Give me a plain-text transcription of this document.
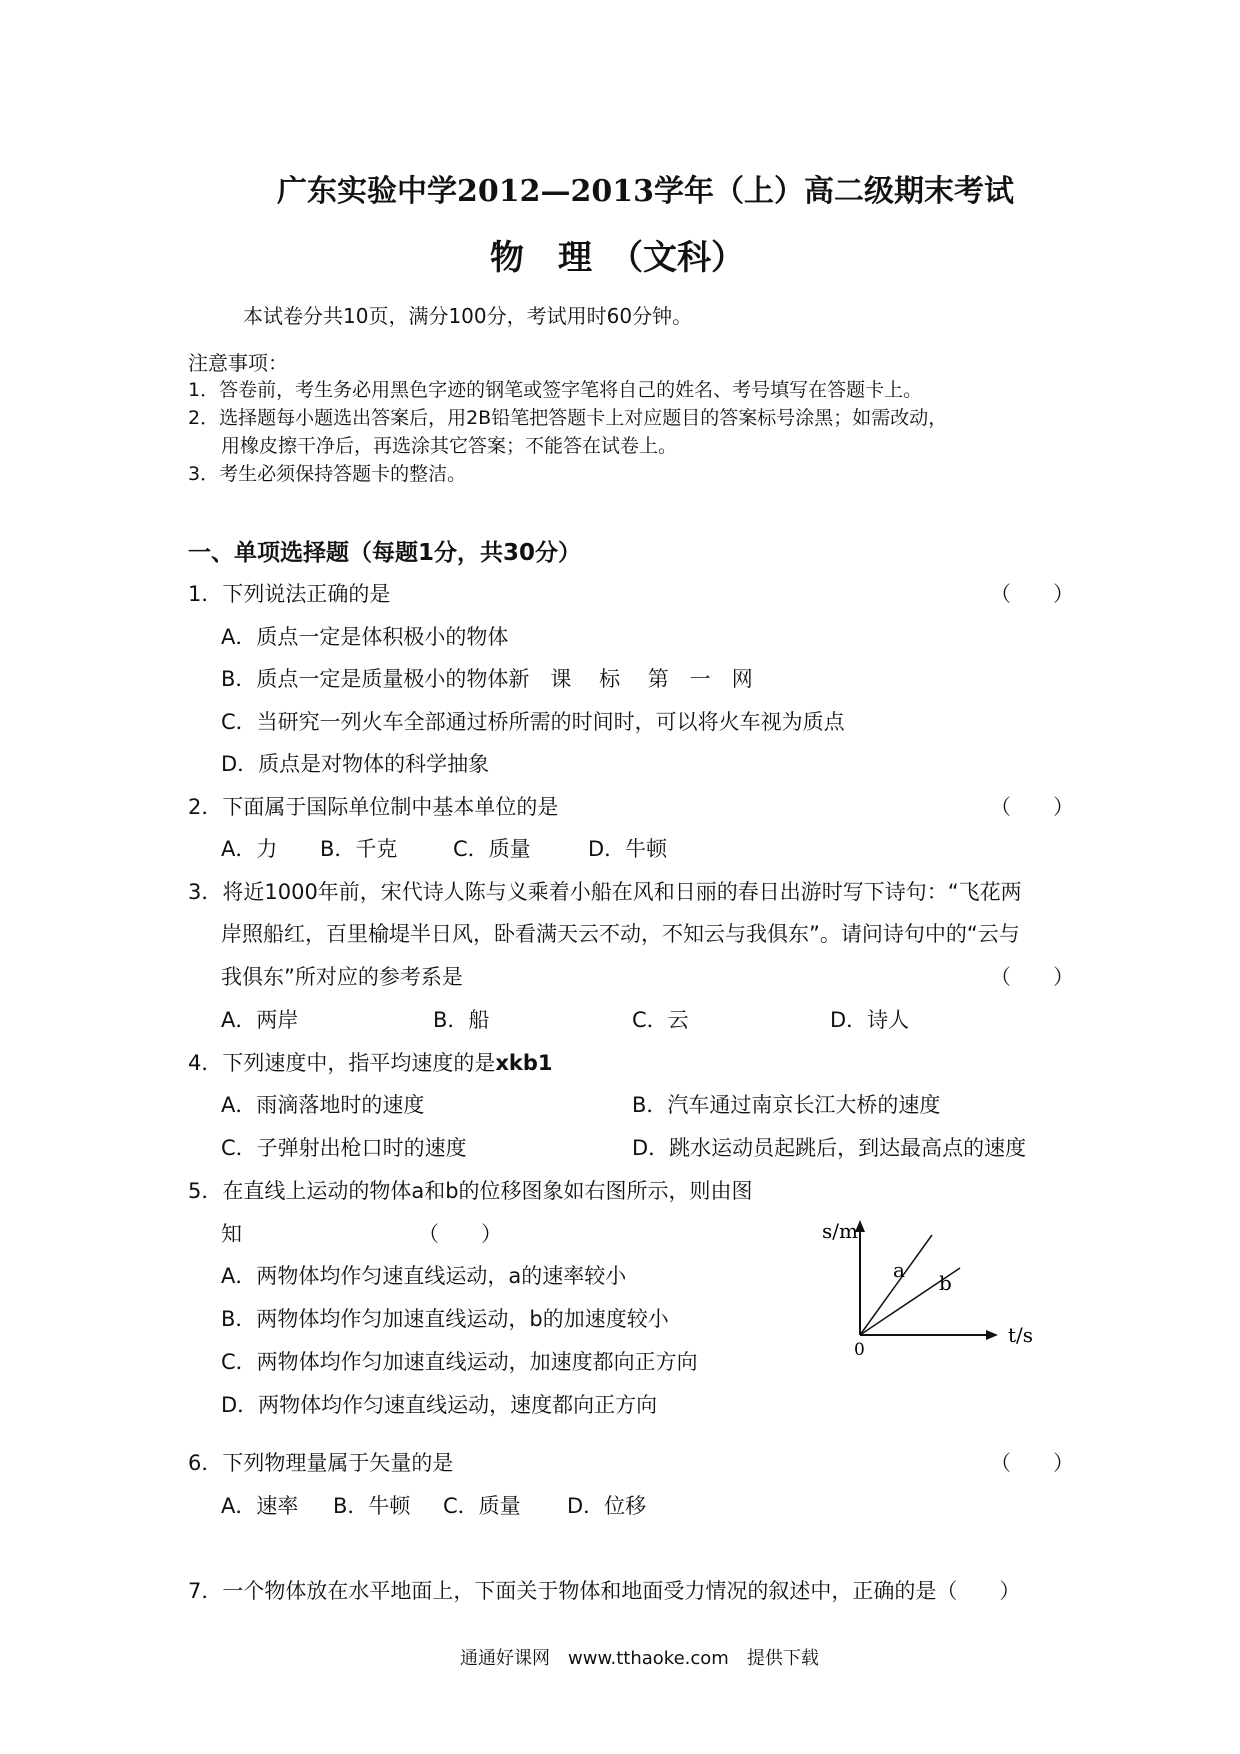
广东实验中学2012—2013学年（上）高二级期末考试
物　理　（文科）
本试卷分共10页，满分100分，考试用时60分钟。
注意事项：
1．答卷前，考生务必用黑色字迹的钢笔或签字笔将自己的姓名、考号填写在答题卡上。
2．选择题每小题选出答案后，用2B铅笔把答题卡上对应题目的答案标号涂黑；如需改动，
用橡皮擦干净后，再选涂其它答案；不能答在试卷上。
3．考生必须保持答题卡的整洁。
一、单项选择题（每题1分，共30分）
1．下列说法正确的是	（　　）
A．质点一定是体积极小的物体
B．质点一定是质量极小的物体新　课　 标　 第　一　网
C．当研究一列火车全部通过桥所需的时间时，可以将火车视为质点
D．质点是对物体的科学抽象
2．下面属于国际单位制中基本单位的是	（　　）
A．力 B．千克	C．质量	D．牛顿
3．将近1000年前，宋代诗人陈与义乘着小船在风和日丽的春日出游时写下诗句：“飞花两
岸照船红，百里榆堤半日风，卧看满天云不动，不知云与我俱东”。请问诗句中的“云与
我俱东”所对应的参考系是	（　　）
A．两岸	B．船	C．云	D．诗人
4．下列速度中，指平均速度的是xkb1
A．雨滴落地时的速度	B．汽车通过南京长江大桥的速度
C．子弹射出枪口时的速度	D．跳水运动员起跳后，到达最高点的速度
5．在直线上运动的物体a和b的位移图象如右图所示，则由图
知	（　　）
A．两物体均作匀速直线运动，a的速率较小
B．两物体均作匀加速直线运动，b的加速度较小
C．两物体均作匀加速直线运动，加速度都向正方向
D．两物体均作匀速直线运动，速度都向正方向
s/m
t/s
0
a
b
6．下列物理量属于矢量的是	（　　）
A．速率 B．牛顿 C．质量 D．位移
7．一个物体放在水平地面上，下面关于物体和地面受力情况的叙述中，正确的是（　　）
通通好课网　www.tthaoke.com　提供下载
